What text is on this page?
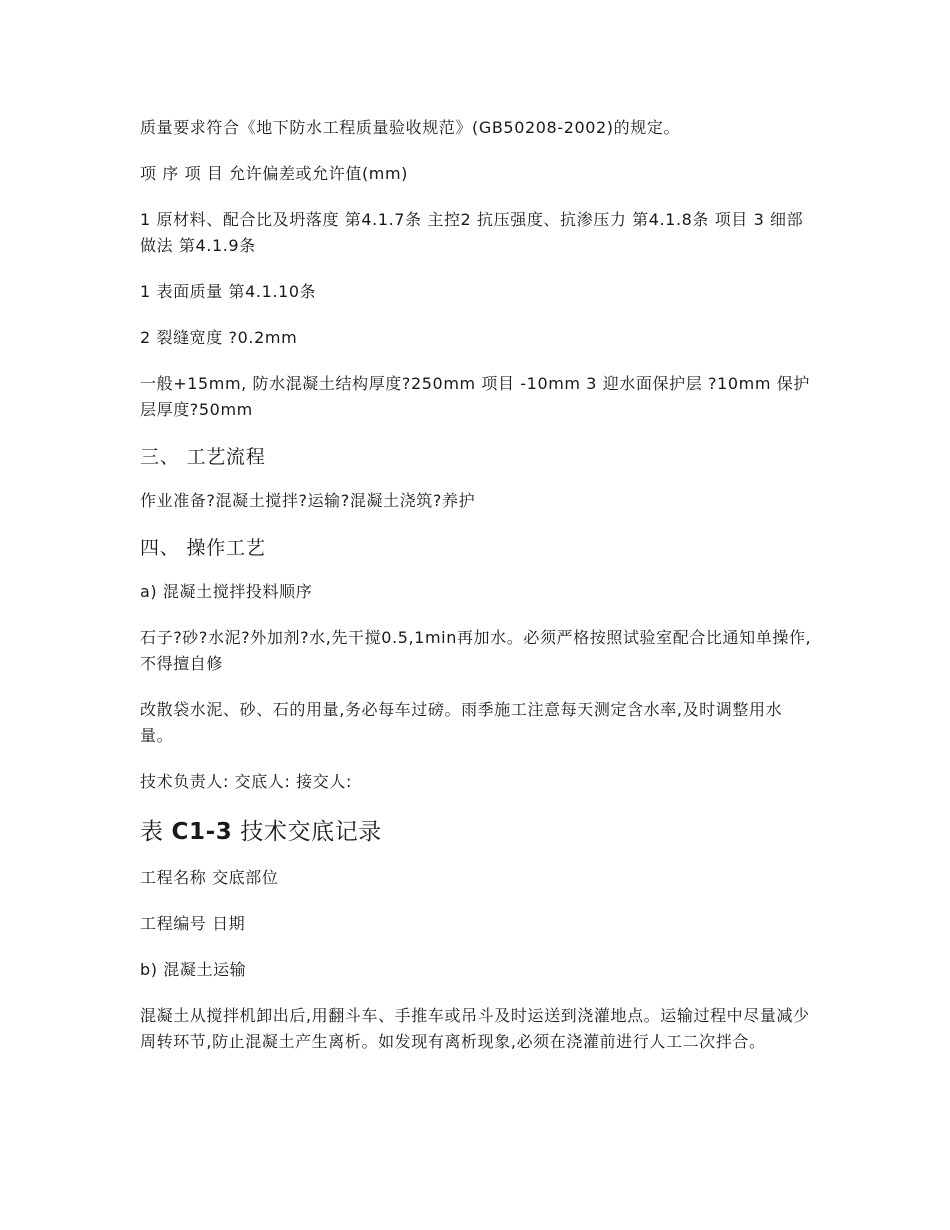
质量要求符合《地下防水工程质量验收规范》(GB50208-2002)的规定。

项 序 项 目 允许偏差或允许值(mm)

1 原材料、配合比及坍落度 第4.1.7条 主控2 抗压强度、抗渗压力 第4.1.8条 项目 3 细部做法 第4.1.9条

1 表面质量 第4.1.10条

2 裂缝宽度 ?0.2mm

一般+15mm, 防水混凝土结构厚度?250mm 项目 -10mm 3 迎水面保护层 ?10mm 保护层厚度?50mm

三、 工艺流程

作业准备?混凝土搅拌?运输?混凝土浇筑?养护

四、 操作工艺

a) 混凝土搅拌投料顺序

石子?砂?水泥?外加剂?水,先干搅0.5,1min再加水。必须严格按照试验室配合比通知单操作,不得擅自修

改散袋水泥、砂、石的用量,务必每车过磅。雨季施工注意每天测定含水率,及时调整用水量。

技术负责人: 交底人: 接交人:

表 C1-3 技术交底记录

工程名称 交底部位

工程编号 日期

b) 混凝土运输

混凝土从搅拌机卸出后,用翻斗车、手推车或吊斗及时运送到浇灌地点。运输过程中尽量减少周转环节,防止混凝土产生离析。如发现有离析现象,必须在浇灌前进行人工二次拌合。
